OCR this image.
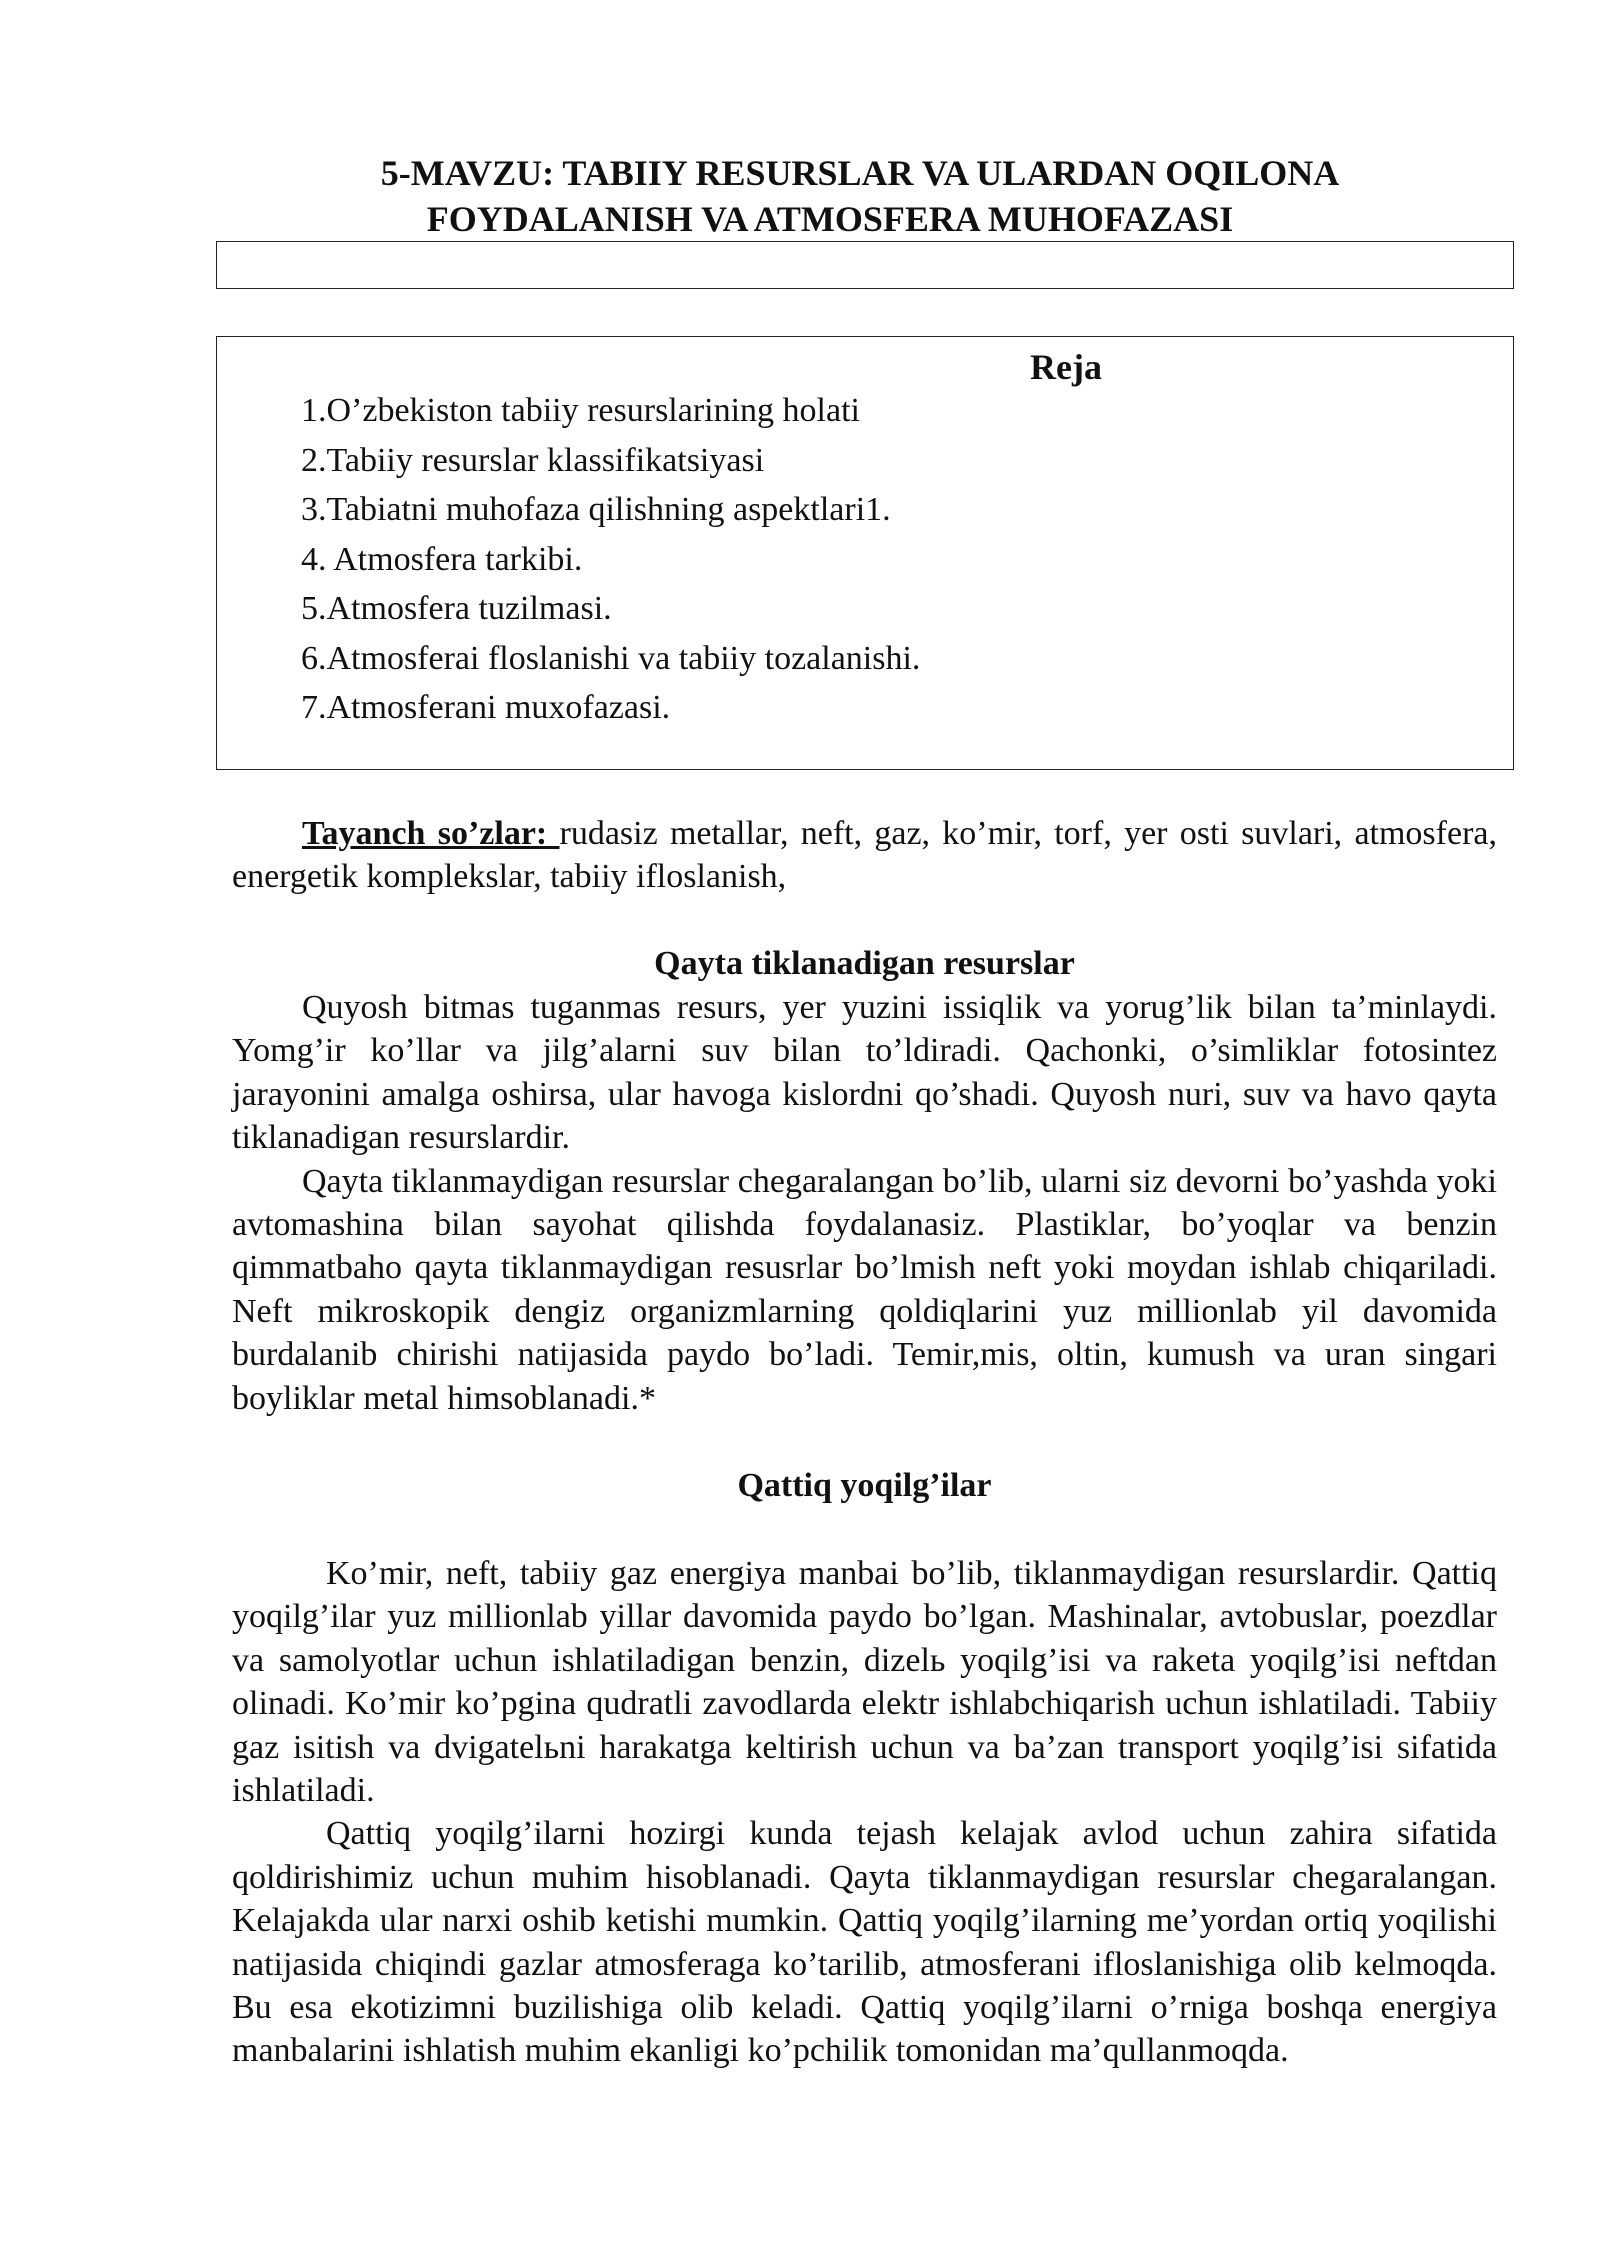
5-MAVZU: TABIIY RESURSLAR VA ULARDAN OQILONA
FOYDALANISH VA ATMOSFERA MUHOFAZASI
Reja
1.O’zbekiston tabiiy resurslarining holati
2.Tabiiy resurslar klassifikatsiyasi
3.Tabiatni muhofaza qilishning aspektlari1.
4. Atmosfera tarkibi.
5.Atmosfera tuzilmasi.
6.Atmosferai floslanishi va tabiiy tozalanishi.
7.Atmosferani muxofazasi.

Tayanch so’zlar: rudasiz metallar, neft, gaz, ko’mir, torf, yer osti suvlari, atmosfera, energetik komplekslar, tabiiy ifloslanish,

Qayta tiklanadigan resurslar

Quyosh bitmas tuganmas resurs, yer yuzini issiqlik va yorug’lik bilan ta’minlaydi. Yomg’ir ko’llar va jilg’alarni suv bilan to’ldiradi. Qachonki, o’simliklar fotosintez jarayonini amalga oshirsa, ular havoga kislordni qo’shadi. Quyosh nuri, suv va havo qayta tiklanadigan resurslardir.

Qayta tiklanmaydigan resurslar chegaralangan bo’lib, ularni siz devorni bo’yashda yoki avtomashina bilan sayohat qilishda foydalanasiz. Plastiklar, bo’yoqlar va benzin qimmatbaho qayta tiklanmaydigan resusrlar bo’lmish neft yoki moydan ishlab chiqariladi. Neft mikroskopik dengiz organizmlarning qoldiqlarini yuz millionlab yil davomida burdalanib chirishi natijasida paydo bo’ladi. Temir,mis, oltin, kumush va uran singari boyliklar metal himsoblanadi.*

Qattiq yoqilg’ilar

Ko’mir, neft, tabiiy gaz energiya manbai bo’lib, tiklanmaydigan resurslardir. Qattiq yoqilg’ilar yuz millionlab yillar davomida paydo bo’lgan. Mashinalar, avtobuslar, poezdlar va samolyotlar uchun ishlatiladigan benzin, dizelь yoqilg’isi va raketa yoqilg’isi neftdan olinadi. Ko’mir ko’pgina qudratli zavodlarda elektr ishlabchiqarish uchun ishlatiladi. Tabiiy gaz isitish va dvigatelьni harakatga keltirish uchun va ba’zan transport yoqilg’isi sifatida ishlatiladi.

Qattiq yoqilg’ilarni hozirgi kunda tejash kelajak avlod uchun zahira sifatida qoldirishimiz uchun muhim hisoblanadi. Qayta tiklanmaydigan resurslar chegaralangan. Kelajakda ular narxi oshib ketishi mumkin. Qattiq yoqilg’ilarning me’yordan ortiq yoqilishi natijasida chiqindi gazlar atmosferaga ko’tarilib, atmosferani ifloslanishiga olib kelmoqda. Bu esa ekotizimni buzilishiga olib keladi. Qattiq yoqilg’ilarni o’rniga boshqa energiya manbalarini ishlatish muhim ekanligi ko’pchilik tomonidan ma’qullanmoqda.
